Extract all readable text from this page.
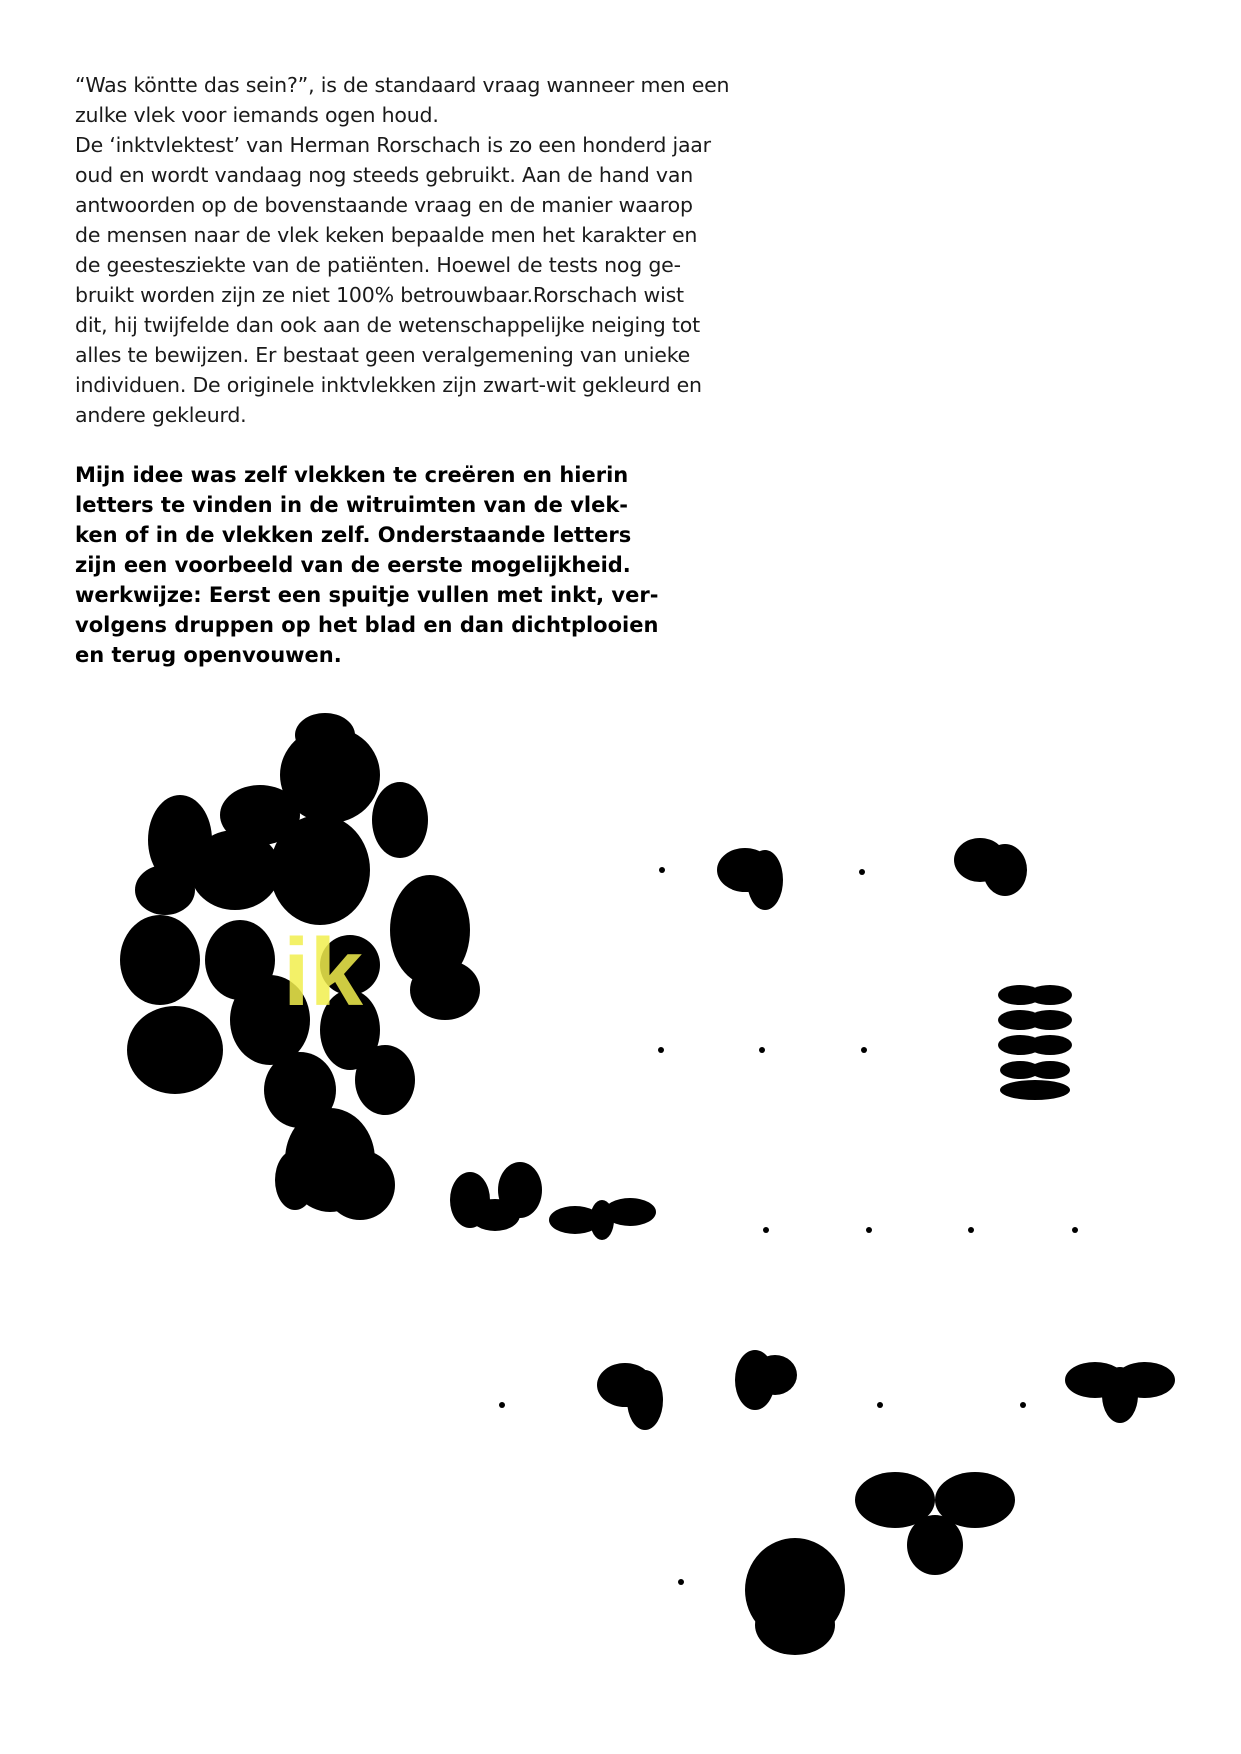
“Was köntte das sein?”, is de standaard vraag wanneer men een
zulke vlek voor iemands ogen houd.
De ‘inktvlektest’ van Herman Rorschach is zo een honderd jaar
oud en wordt vandaag nog steeds gebruikt. Aan de hand van
antwoorden op de bovenstaande vraag en de manier waarop
de mensen naar de vlek keken bepaalde men het karakter en
de geestesziekte van de patiënten. Hoewel de tests nog ge-
bruikt worden zijn ze niet 100% betrouwbaar.Rorschach wist
dit, hij twijfelde dan ook aan de wetenschappelijke neiging tot
alles te bewijzen. Er bestaat geen veralgemening van unieke
individuen. De originele inktvlekken zijn zwart-wit gekleurd en
andere gekleurd.
Mijn idee was zelf vlekken te creëren en hierin
letters te vinden in de witruimten van de vlek-
ken of in de vlekken zelf. Onderstaande letters
zijn een voorbeeld van de eerste mogelijkheid.
werkwijze: Eerst een spuitje vullen met inkt, ver-
volgens druppen op het blad en dan dichtplooien
en terug openvouwen.
ik
